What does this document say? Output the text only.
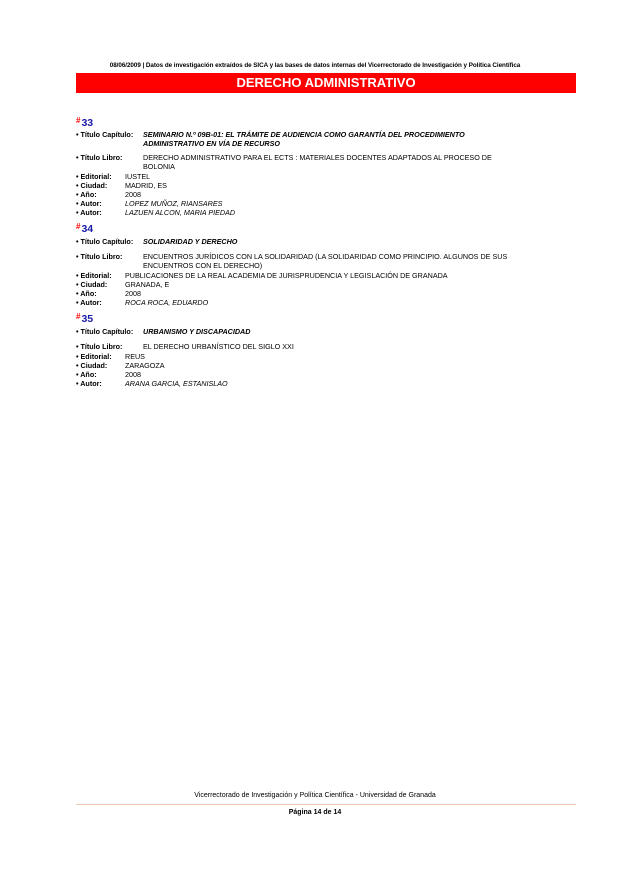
08/06/2009 | Datos de investigación extraídos de SICA y las bases de datos internas del Vicerrectorado de Investigación y Política Científica
DERECHO ADMINISTRATIVO
#33
• Título Capítulo: SEMINARIO N.º 09B-01: EL TRÁMITE DE AUDIENCIA COMO GARANTÍA DEL PROCEDIMIENTO
ADMINISTRATIVO EN VÍA DE RECURSO
• Título Libro:	DERECHO ADMINISTRATIVO PARA EL ECTS : MATERIALES DOCENTES ADAPTADOS AL PROCESO DE
BOLONIA
• Editorial: IUSTEL
• Ciudad: MADRID, ES
• Año:	2008
• Autor:	LOPEZ MUÑOZ, RIANSARES
• Autor:	LAZUEN ALCON, MARIA PIEDAD
#34
• Título Capítulo: SOLIDARIDAD Y DERECHO
• Título Libro:	ENCUENTROS JURÍDICOS CON LA SOLIDARIDAD (LA SOLIDARIDAD COMO PRINCIPIO. ALGUNOS DE SUS
ENCUENTROS CON EL DERECHO)
• Editorial: PUBLICACIONES DE LA REAL ACADEMIA DE JURISPRUDENCIA Y LEGISLACIÓN DE GRANADA
• Ciudad: GRANADA, E
• Año:	2008
• Autor:	ROCA ROCA, EDUARDO
#35
• Título Capítulo: URBANISMO Y DISCAPACIDAD
• Título Libro:	EL DERECHO URBANÍSTICO DEL SIGLO XXI
• Editorial: REUS
• Ciudad: ZARAGOZA
• Año:	2008
• Autor:	ARANA GARCIA, ESTANISLAO
Vicerrectorado de Investigación y Política Científica - Universidad de Granada
Página 14 de 14
